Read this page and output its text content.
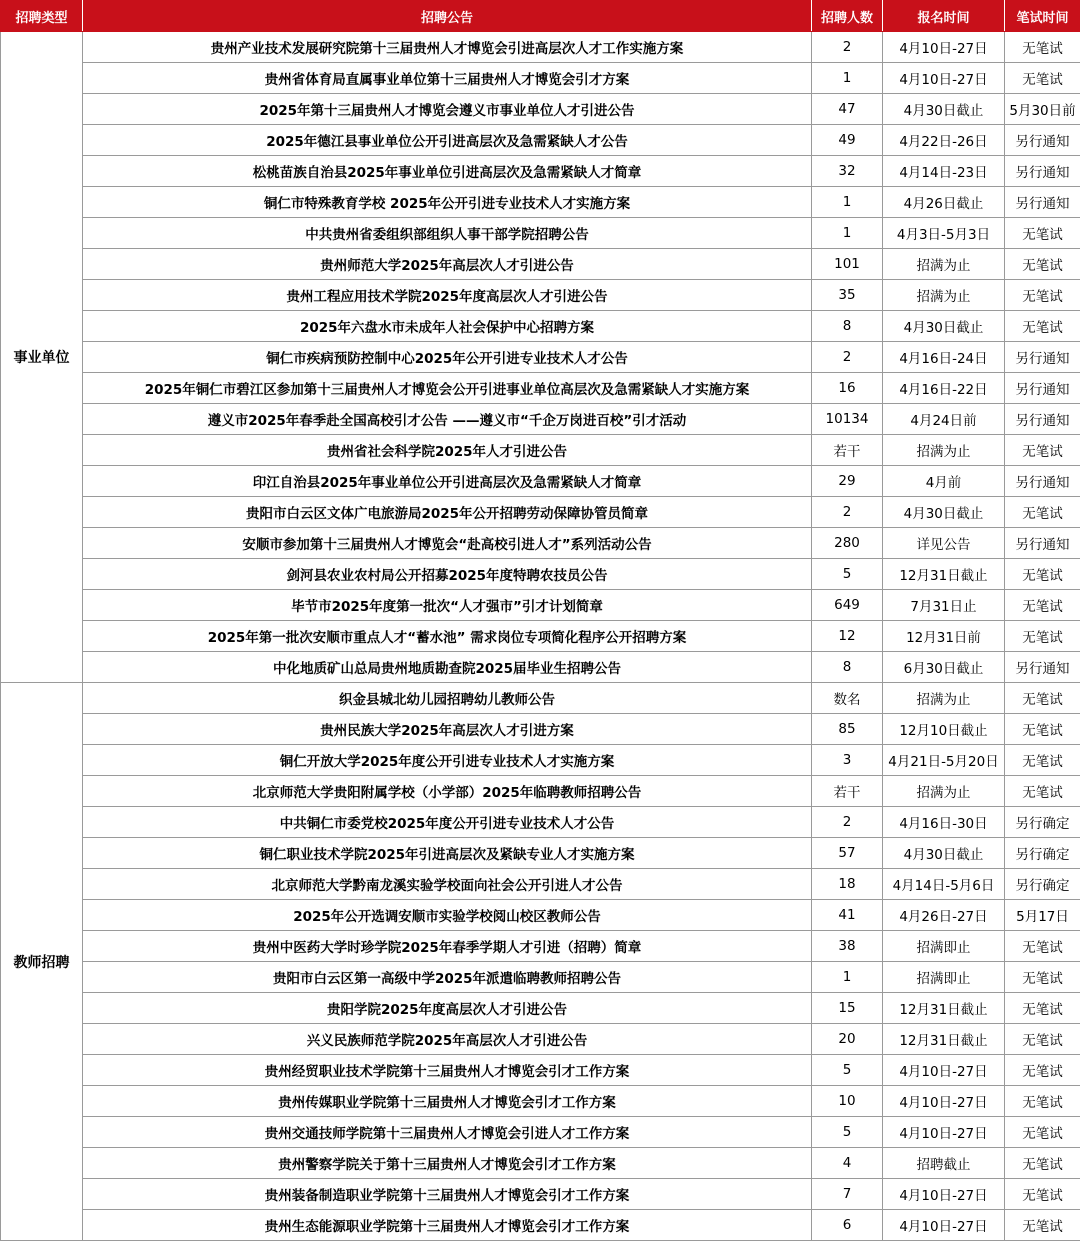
招聘类型	招聘公告	招聘人数	报名时间	笔试时间
事业单位	贵州产业技术发展研究院第十三届贵州人才博览会引进高层次人才工作实施方案	2	4月10日-27日	无笔试
	贵州省体育局直属事业单位第十三届贵州人才博览会引才方案	1	4月10日-27日	无笔试
	2025年第十三届贵州人才博览会遵义市事业单位人才引进公告	47	4月30日截止	5月30日前
	2025年德江县事业单位公开引进高层次及急需紧缺人才公告	49	4月22日-26日	另行通知
	松桃苗族自治县2025年事业单位引进高层次及急需紧缺人才简章	32	4月14日-23日	另行通知
	铜仁市特殊教育学校 2025年公开引进专业技术人才实施方案	1	4月26日截止	另行通知
	中共贵州省委组织部组织人事干部学院招聘公告	1	4月3日-5月3日	无笔试
	贵州师范大学2025年高层次人才引进公告	101	招满为止	无笔试
	贵州工程应用技术学院2025年度高层次人才引进公告	35	招满为止	无笔试
	2025年六盘水市未成年人社会保护中心招聘方案	8	4月30日截止	无笔试
	铜仁市疾病预防控制中心2025年公开引进专业技术人才公告	2	4月16日-24日	另行通知
	2025年铜仁市碧江区参加第十三届贵州人才博览会公开引进事业单位高层次及急需紧缺人才实施方案	16	4月16日-22日	另行通知
	遵义市2025年春季赴全国高校引才公告 ——遵义市“千企万岗进百校”引才活动	10134	4月24日前	另行通知
	贵州省社会科学院2025年人才引进公告	若干	招满为止	无笔试
	印江自治县2025年事业单位公开引进高层次及急需紧缺人才简章	29	4月前	另行通知
	贵阳市白云区文体广电旅游局2025年公开招聘劳动保障协管员简章	2	4月30日截止	无笔试
	安顺市参加第十三届贵州人才博览会“赴高校引进人才”系列活动公告	280	详见公告	另行通知
	剑河县农业农村局公开招募2025年度特聘农技员公告	5	12月31日截止	无笔试
	毕节市2025年度第一批次“人才强市”引才计划简章	649	7月31日止	无笔试
	2025年第一批次安顺市重点人才“蓄水池” 需求岗位专项简化程序公开招聘方案	12	12月31日前	无笔试
	中化地质矿山总局贵州地质勘查院2025届毕业生招聘公告	8	6月30日截止	另行通知
教师招聘	织金县城北幼儿园招聘幼儿教师公告	数名	招满为止	无笔试
	贵州民族大学2025年高层次人才引进方案	85	12月10日截止	无笔试
	铜仁开放大学2025年度公开引进专业技术人才实施方案	3	4月21日-5月20日	无笔试
	北京师范大学贵阳附属学校（小学部）2025年临聘教师招聘公告	若干	招满为止	无笔试
	中共铜仁市委党校2025年度公开引进专业技术人才公告	2	4月16日-30日	另行确定
	铜仁职业技术学院2025年引进高层次及紧缺专业人才实施方案	57	4月30日截止	另行确定
	北京师范大学黔南龙溪实验学校面向社会公开引进人才公告	18	4月14日-5月6日	另行确定
	2025年公开选调安顺市实验学校阅山校区教师公告	41	4月26日-27日	5月17日
	贵州中医药大学时珍学院2025年春季学期人才引进（招聘）简章	38	招满即止	无笔试
	贵阳市白云区第一高级中学2025年派遣临聘教师招聘公告	1	招满即止	无笔试
	贵阳学院2025年度高层次人才引进公告	15	12月31日截止	无笔试
	兴义民族师范学院2025年高层次人才引进公告	20	12月31日截止	无笔试
	贵州经贸职业技术学院第十三届贵州人才博览会引才工作方案	5	4月10日-27日	无笔试
	贵州传媒职业学院第十三届贵州人才博览会引才工作方案	10	4月10日-27日	无笔试
	贵州交通技师学院第十三届贵州人才博览会引进人才工作方案	5	4月10日-27日	无笔试
	贵州警察学院关于第十三届贵州人才博览会引才工作方案	4	招聘截止	无笔试
	贵州装备制造职业学院第十三届贵州人才博览会引才工作方案	7	4月10日-27日	无笔试
	贵州生态能源职业学院第十三届贵州人才博览会引才工作方案	6	4月10日-27日	无笔试
